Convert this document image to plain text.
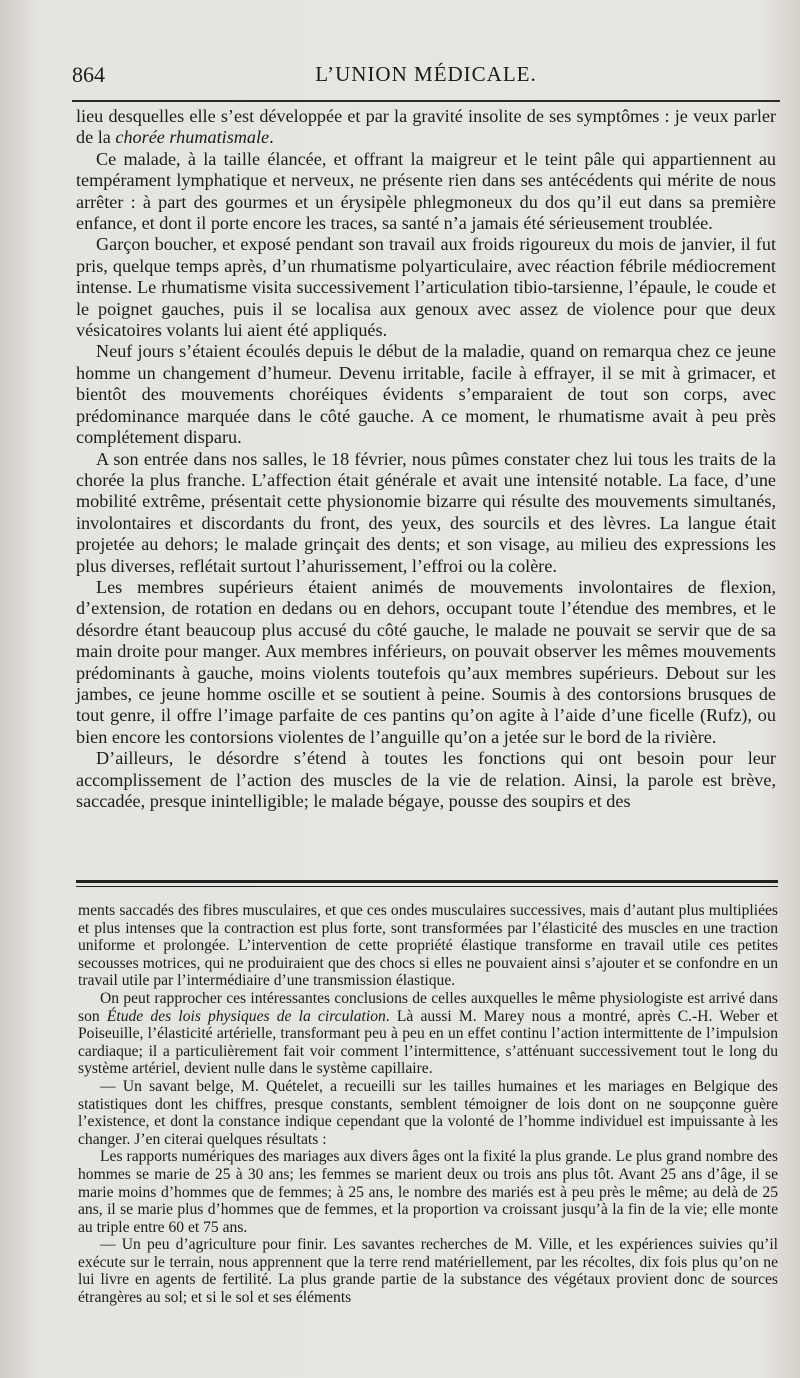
864	L’UNION MÉDICALE.

lieu desquelles elle s’est développée et par la gravité insolite de ses symptômes : je veux parler de la chorée rhumatismale.

Ce malade, à la taille élancée, et offrant la maigreur et le teint pâle qui appartiennent au tempérament lymphatique et nerveux, ne présente rien dans ses antécédents qui mérite de nous arrêter : à part des gourmes et un érysipèle phlegmoneux du dos qu’il eut dans sa première enfance, et dont il porte encore les traces, sa santé n’a jamais été sérieusement troublée.

Garçon boucher, et exposé pendant son travail aux froids rigoureux du mois de janvier, il fut pris, quelque temps après, d’un rhumatisme polyarticulaire, avec réaction fébrile médiocrement intense. Le rhumatisme visita successivement l’articulation tibio-tarsienne, l’épaule, le coude et le poignet gauches, puis il se localisa aux genoux avec assez de violence pour que deux vésicatoires volants lui aient été appliqués.

Neuf jours s’étaient écoulés depuis le début de la maladie, quand on remarqua chez ce jeune homme un changement d’humeur. Devenu irritable, facile à effrayer, il se mit à grimacer, et bientôt des mouvements choréiques évidents s’emparaient de tout son corps, avec prédominance marquée dans le côté gauche. A ce moment, le rhumatisme avait à peu près complétement disparu.

A son entrée dans nos salles, le 18 février, nous pûmes constater chez lui tous les traits de la chorée la plus franche. L’affection était générale et avait une intensité notable. La face, d’une mobilité extrême, présentait cette physionomie bizarre qui résulte des mouvements simultanés, involontaires et discordants du front, des yeux, des sourcils et des lèvres. La langue était projetée au dehors; le malade grinçait des dents; et son visage, au milieu des expressions les plus diverses, reflétait surtout l’ahurissement, l’effroi ou la colère.

Les membres supérieurs étaient animés de mouvements involontaires de flexion, d’extension, de rotation en dedans ou en dehors, occupant toute l’étendue des membres, et le désordre étant beaucoup plus accusé du côté gauche, le malade ne pouvait se servir que de sa main droite pour manger. Aux membres inférieurs, on pouvait observer les mêmes mouvements prédominants à gauche, moins violents toutefois qu’aux membres supérieurs. Debout sur les jambes, ce jeune homme oscille et se soutient à peine. Soumis à des contorsions brusques de tout genre, il offre l’image parfaite de ces pantins qu’on agite à l’aide d’une ficelle (Rufz), ou bien encore les contorsions violentes de l’anguille qu’on a jetée sur le bord de la rivière.

D’ailleurs, le désordre s’étend à toutes les fonctions qui ont besoin pour leur accomplissement de l’action des muscles de la vie de relation. Ainsi, la parole est brève, saccadée, presque inintelligible; le malade bégaye, pousse des soupirs et des

ments saccadés des fibres musculaires, et que ces ondes musculaires successives, mais d’autant plus multipliées et plus intenses que la contraction est plus forte, sont transformées par l’élasticité des muscles en une traction uniforme et prolongée. L’intervention de cette propriété élastique transforme en travail utile ces petites secousses motrices, qui ne produiraient que des chocs si elles ne pouvaient ainsi s’ajouter et se confondre en un travail utile par l’intermédiaire d’une transmission élastique.

On peut rapprocher ces intéressantes conclusions de celles auxquelles le même physiologiste est arrivé dans son Étude des lois physiques de la circulation. Là aussi M. Marey nous a montré, après C.-H. Weber et Poiseuille, l’élasticité artérielle, transformant peu à peu en un effet continu l’action intermittente de l’impulsion cardiaque; il a particulièrement fait voir comment l’intermittence, s’atténuant successivement tout le long du système artériel, devient nulle dans le système capillaire.

— Un savant belge, M. Quételet, a recueilli sur les tailles humaines et les mariages en Belgique des statistiques dont les chiffres, presque constants, semblent témoigner de lois dont on ne soupçonne guère l’existence, et dont la constance indique cependant que la volonté de l’homme individuel est impuissante à les changer. J’en citerai quelques résultats :

Les rapports numériques des mariages aux divers âges ont la fixité la plus grande. Le plus grand nombre des hommes se marie de 25 à 30 ans; les femmes se marient deux ou trois ans plus tôt. Avant 25 ans d’âge, il se marie moins d’hommes que de femmes; à 25 ans, le nombre des mariés est à peu près le même; au delà de 25 ans, il se marie plus d’hommes que de femmes, et la proportion va croissant jusqu’à la fin de la vie; elle monte au triple entre 60 et 75 ans.

— Un peu d’agriculture pour finir. Les savantes recherches de M. Ville, et les expériences suivies qu’il exécute sur le terrain, nous apprennent que la terre rend matériellement, par les récoltes, dix fois plus qu’on ne lui livre en agents de fertilité. La plus grande partie de la substance des végétaux provient donc de sources étrangères au sol; et si le sol et ses éléments
